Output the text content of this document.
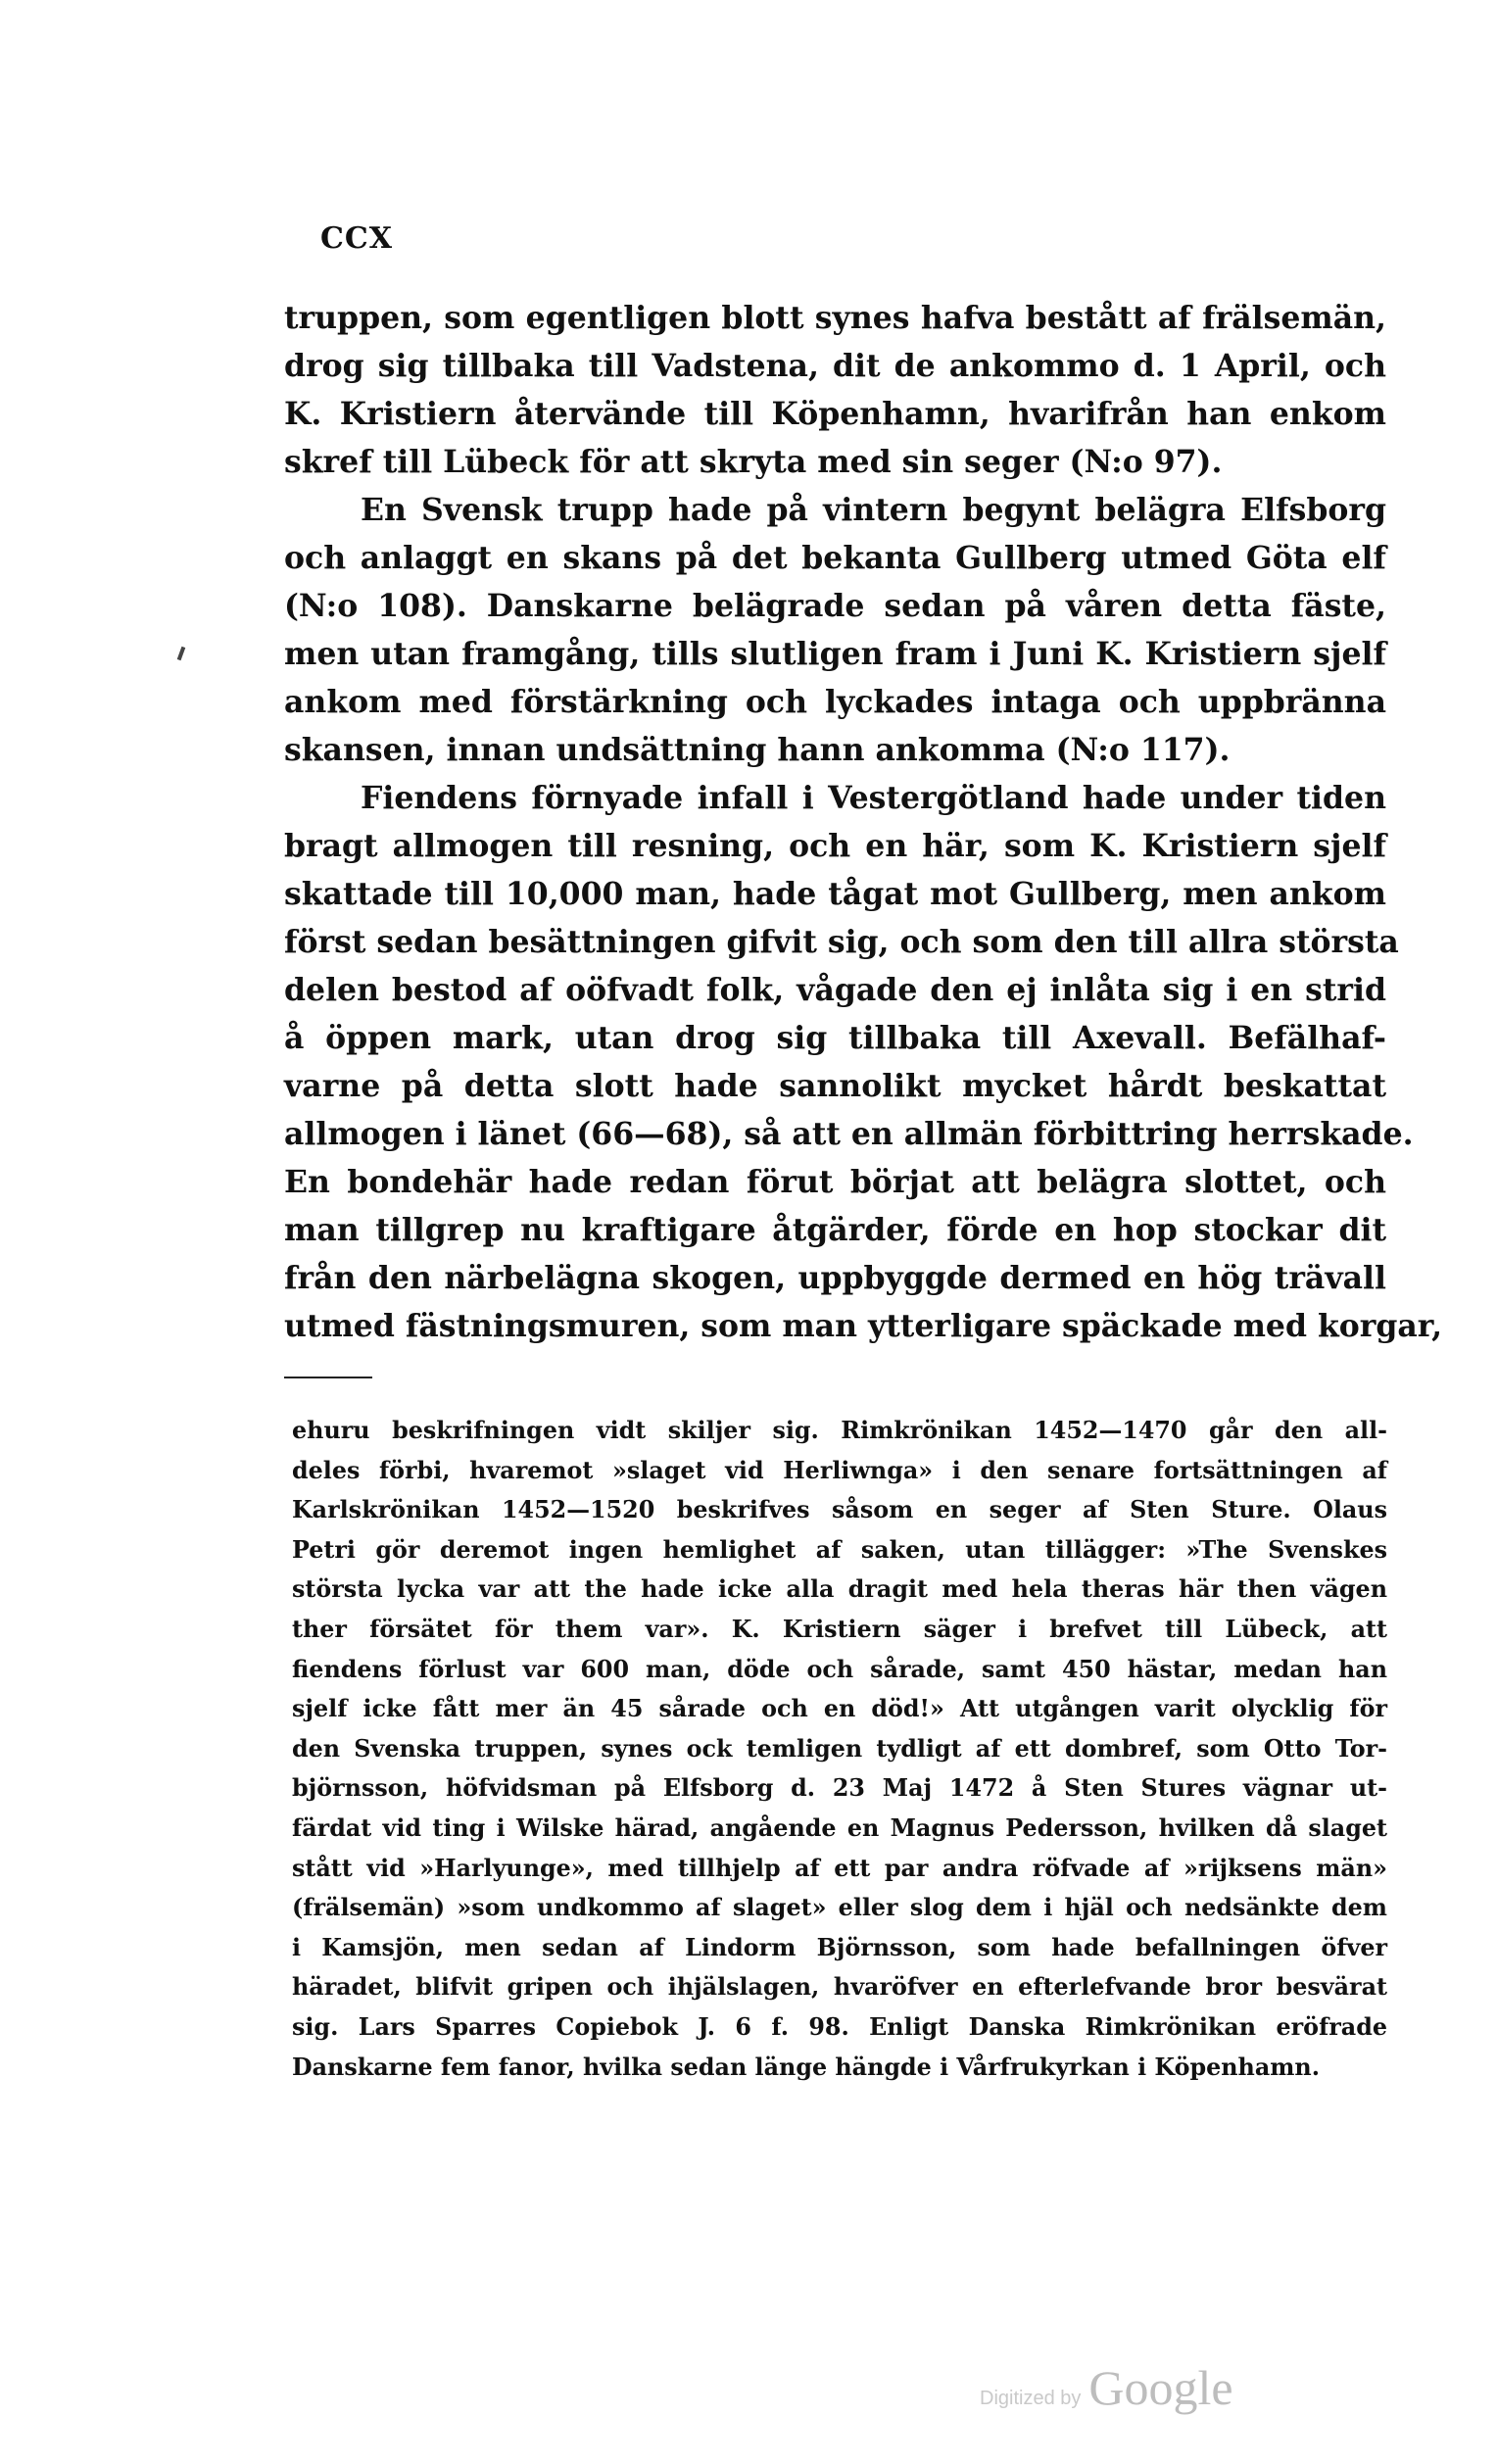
CCX
truppen, som egentligen blott synes hafva bestått af frälsemän,
drog sig tillbaka till Vadstena, dit de ankommo d. 1 April, och
K. Kristiern återvände till Köpenhamn, hvarifrån han enkom
skref till Lübeck för att skryta med sin seger (N:o 97).
En Svensk trupp hade på vintern begynt belägra Elfsborg
och anlaggt en skans på det bekanta Gullberg utmed Göta elf
(N:o 108). Danskarne belägrade sedan på våren detta fäste,
men utan framgång, tills slutligen fram i Juni K. Kristiern sjelf
ankom med förstärkning och lyckades intaga och uppbränna
skansen, innan undsättning hann ankomma (N:o 117).
Fiendens förnyade infall i Vestergötland hade under tiden
bragt allmogen till resning, och en här, som K. Kristiern sjelf
skattade till 10,000 man, hade tågat mot Gullberg, men ankom
först sedan besättningen gifvit sig, och som den till allra största
delen bestod af oöfvadt folk, vågade den ej inlåta sig i en strid
å öppen mark, utan drog sig tillbaka till Axevall. Befälhaf-
varne på detta slott hade sannolikt mycket hårdt beskattat
allmogen i länet (66—68), så att en allmän förbittring herrskade.
En bondehär hade redan förut börjat att belägra slottet, och
man tillgrep nu kraftigare åtgärder, förde en hop stockar dit
från den närbelägna skogen, uppbyggde dermed en hög trävall
utmed fästningsmuren, som man ytterligare späckade med korgar,
ehuru beskrifningen vidt skiljer sig. Rimkrönikan 1452—1470 går den all-
deles förbi, hvaremot »slaget vid Herliwnga» i den senare fortsättningen af
Karlskrönikan 1452—1520 beskrifves såsom en seger af Sten Sture. Olaus
Petri gör deremot ingen hemlighet af saken, utan tillägger: »The Svenskes
största lycka var att the hade icke alla dragit med hela theras här then vägen
ther försätet för them var». K. Kristiern säger i brefvet till Lübeck, att
fiendens förlust var 600 man, döde och sårade, samt 450 hästar, medan han
sjelf icke fått mer än 45 sårade och en död!» Att utgången varit olycklig för
den Svenska truppen, synes ock temligen tydligt af ett dombref, som Otto Tor-
björnsson, höfvidsman på Elfsborg d. 23 Maj 1472 å Sten Stures vägnar ut-
färdat vid ting i Wilske härad, angående en Magnus Pedersson, hvilken då slaget
stått vid »Harlyunge», med tillhjelp af ett par andra röfvade af »rijksens män»
(frälsemän) »som undkommo af slaget» eller slog dem i hjäl och nedsänkte dem
i Kamsjön, men sedan af Lindorm Björnsson, som hade befallningen öfver
häradet, blifvit gripen och ihjälslagen, hvaröfver en efterlefvande bror besvärat
sig. Lars Sparres Copiebok J. 6 f. 98. Enligt Danska Rimkrönikan eröfrade
Danskarne fem fanor, hvilka sedan länge hängde i Vårfrukyrkan i Köpenhamn.
Digitized by Google
